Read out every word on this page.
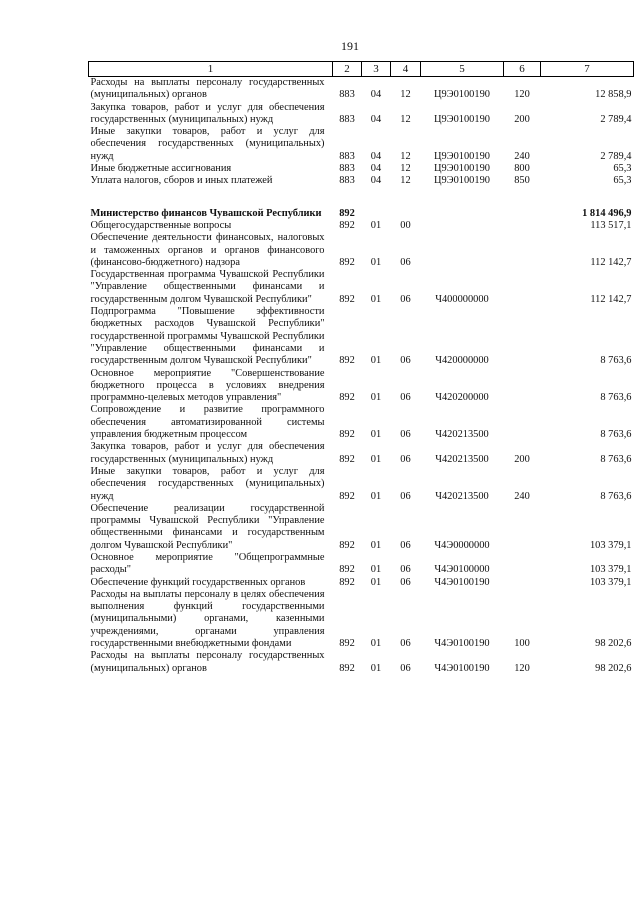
191
1	2	3	4	5	6	7
Расходы на выплаты персоналу государственных (муниципальных) органов	883	04	12	Ц9Э0100190	120	12 858,9
Закупка товаров, работ и услуг для обеспечения государственных (муниципальных) нужд	883	04	12	Ц9Э0100190	200	2 789,4
Иные закупки товаров, работ и услуг для обеспечения государственных (муниципальных) нужд	883	04	12	Ц9Э0100190	240	2 789,4
Иные бюджетные ассигнования	883	04	12	Ц9Э0100190	800	65,3
Уплата налогов, сборов и иных платежей	883	04	12	Ц9Э0100190	850	65,3

Министерство финансов Чувашской Республики	892					1 814 496,9
Общегосударственные вопросы	892	01	00			113 517,1
Обеспечение деятельности финансовых, налоговых и таможенных органов и органов финансового (финансово-бюджетного) надзора	892	01	06			112 142,7
Государственная программа Чувашской Республики "Управление общественными финансами и государственным долгом Чувашской Республики"	892	01	06	Ч400000000		112 142,7
Подпрограмма "Повышение эффективности бюджетных расходов Чувашской Республики" государственной программы Чувашской Республики "Управление общественными финансами и государственным долгом Чувашской Республики"	892	01	06	Ч420000000		8 763,6
Основное мероприятие "Совершенствование бюджетного процесса в условиях внедрения программно-целевых методов управления"	892	01	06	Ч420200000		8 763,6
Сопровождение и развитие программного обеспечения автоматизированной системы управления бюджетным процессом	892	01	06	Ч420213500		8 763,6
Закупка товаров, работ и услуг для обеспечения государственных (муниципальных) нужд	892	01	06	Ч420213500	200	8 763,6
Иные закупки товаров, работ и услуг для обеспечения государственных (муниципальных) нужд	892	01	06	Ч420213500	240	8 763,6
Обеспечение реализации государственной программы Чувашской Республики "Управление общественными финансами и государственным долгом Чувашской Республики"	892	01	06	Ч4Э0000000		103 379,1
Основное мероприятие "Общепрограммные расходы"	892	01	06	Ч4Э0100000		103 379,1
Обеспечение функций государственных органов	892	01	06	Ч4Э0100190		103 379,1
Расходы на выплаты персоналу в целях обеспечения выполнения функций государственными (муниципальными) органами, казенными учреждениями, органами управления государственными внебюджетными фондами	892	01	06	Ч4Э0100190	100	98 202,6
Расходы на выплаты персоналу государственных (муниципальных) органов	892	01	06	Ч4Э0100190	120	98 202,6
